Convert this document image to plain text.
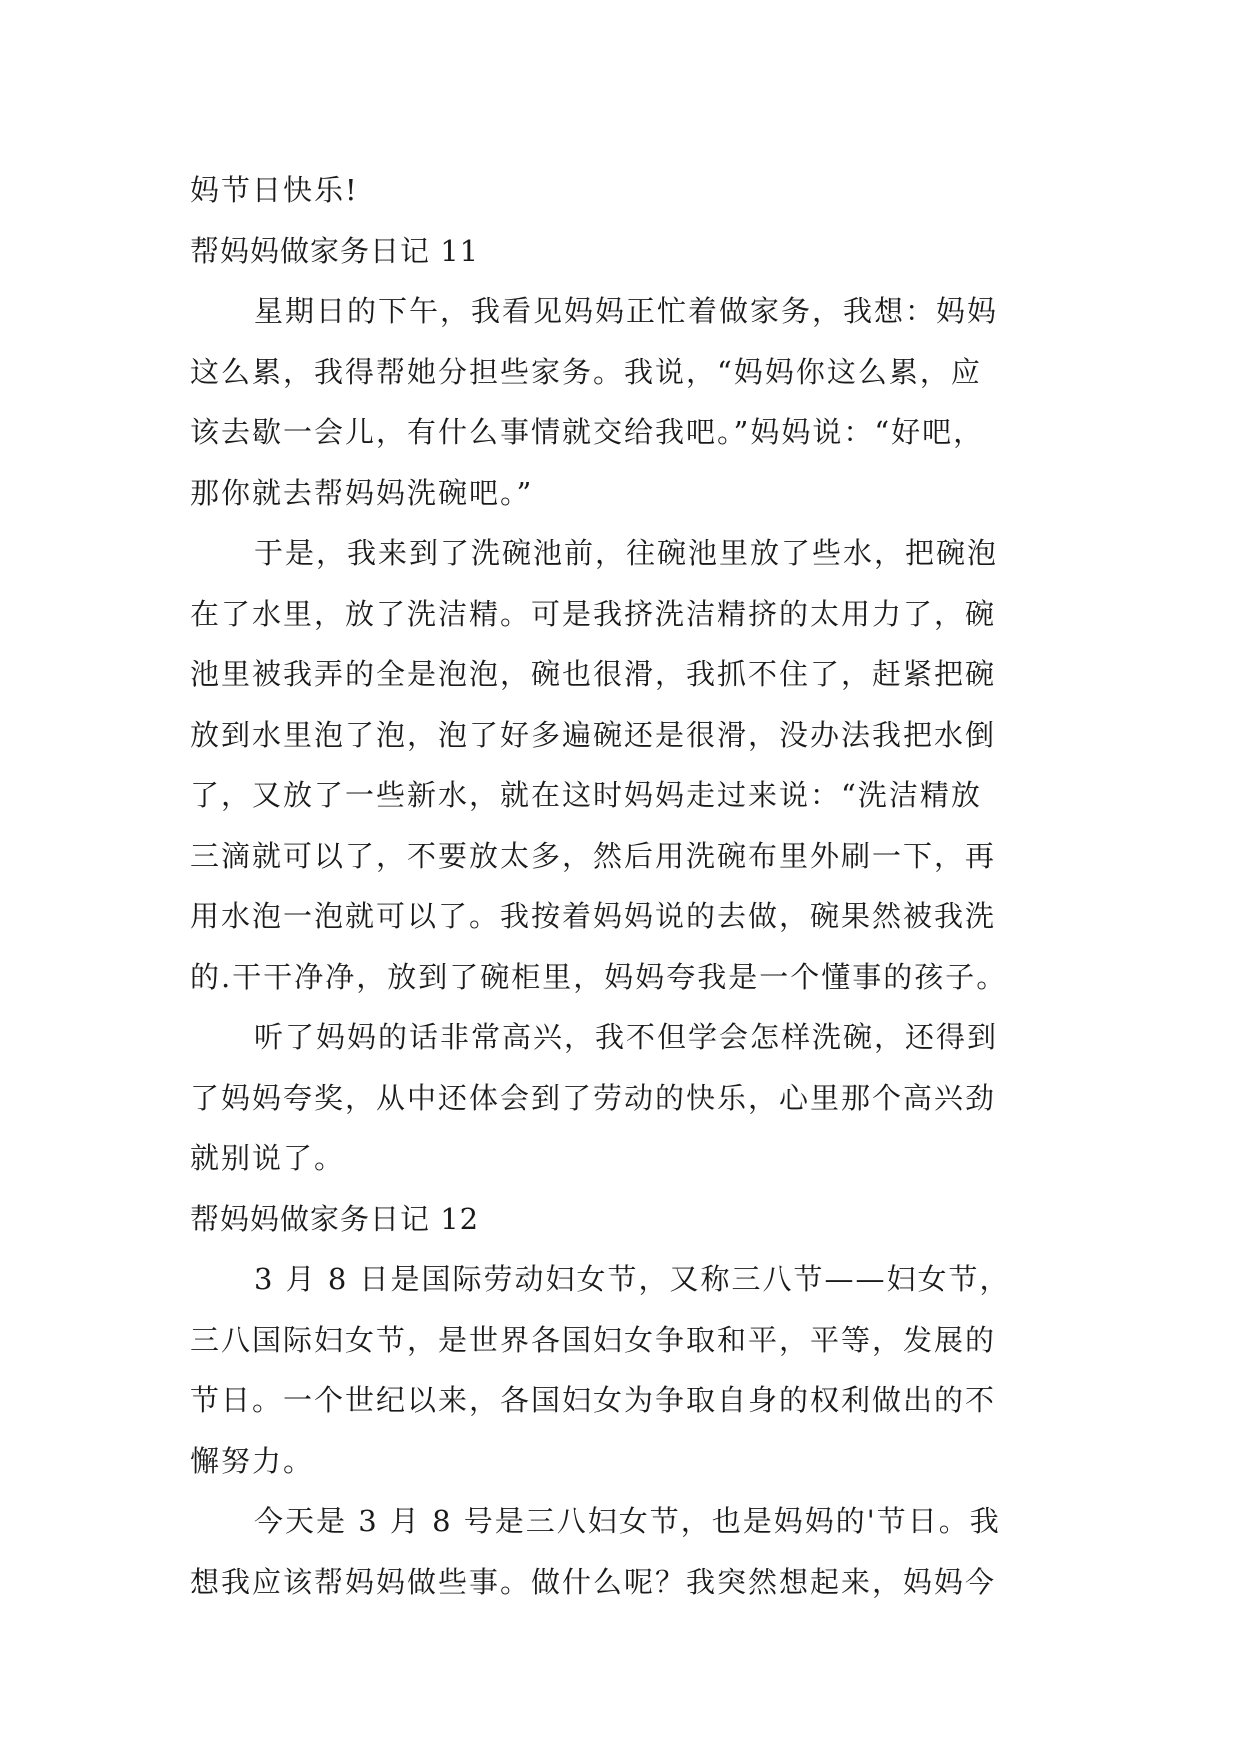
妈节日快乐!
帮妈妈做家务日记 11
星期日的下午，我看见妈妈正忙着做家务，我想：妈妈
这么累，我得帮她分担些家务。我说，“妈妈你这么累，应
该去歇一会儿，有什么事情就交给我吧。”妈妈说：“好吧，
那你就去帮妈妈洗碗吧。”
于是，我来到了洗碗池前，往碗池里放了些水，把碗泡
在了水里，放了洗洁精。可是我挤洗洁精挤的太用力了，碗
池里被我弄的全是泡泡，碗也很滑，我抓不住了，赶紧把碗
放到水里泡了泡，泡了好多遍碗还是很滑，没办法我把水倒
了，又放了一些新水，就在这时妈妈走过来说：“洗洁精放
三滴就可以了，不要放太多，然后用洗碗布里外刷一下，再
用水泡一泡就可以了。我按着妈妈说的去做，碗果然被我洗
的.干干净净，放到了碗柜里，妈妈夸我是一个懂事的孩子。
听了妈妈的话非常高兴，我不但学会怎样洗碗，还得到
了妈妈夸奖，从中还体会到了劳动的快乐，心里那个高兴劲
就别说了。
帮妈妈做家务日记 12
3 月 8 日是国际劳动妇女节，又称三八节——妇女节，
三八国际妇女节，是世界各国妇女争取和平，平等，发展的
节日。一个世纪以来，各国妇女为争取自身的权利做出的不
懈努力。
今天是 3 月 8 号是三八妇女节，也是妈妈的'节日。我
想我应该帮妈妈做些事。做什么呢？我突然想起来，妈妈今
